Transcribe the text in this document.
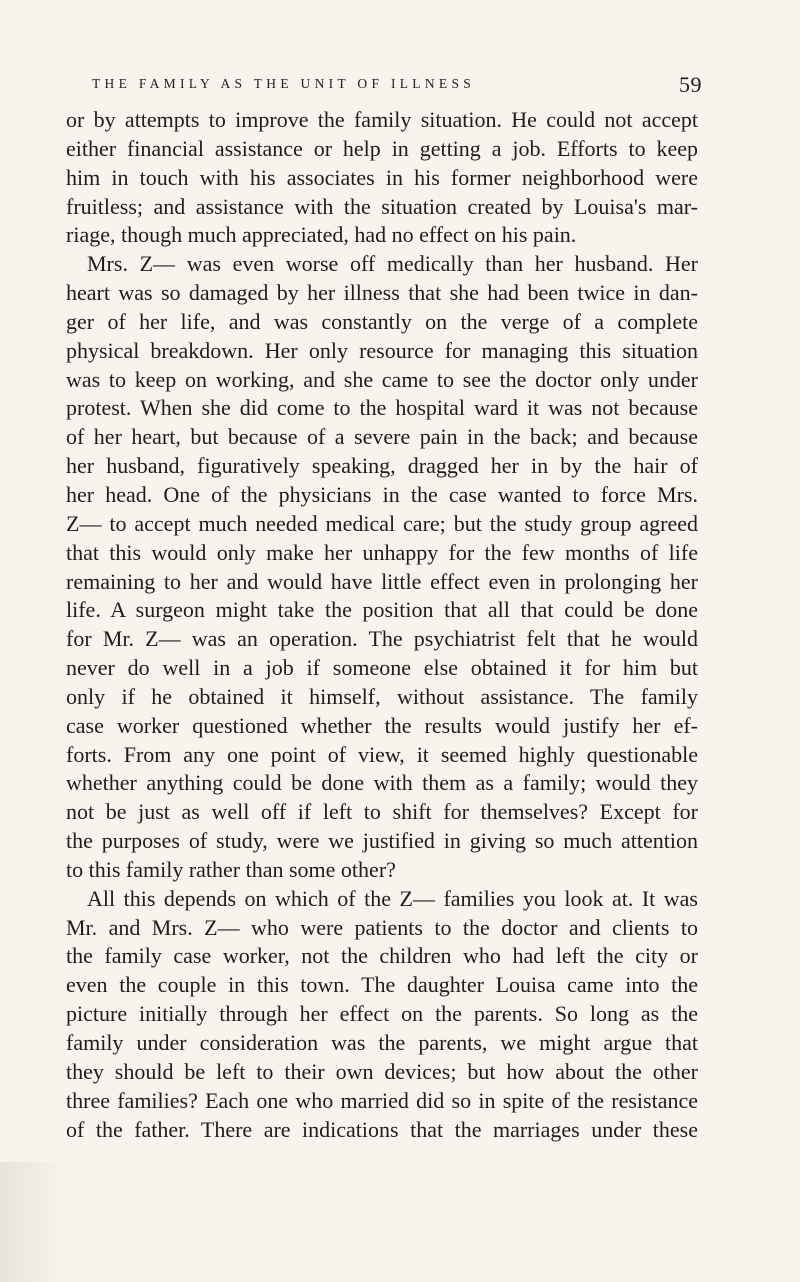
THE FAMILY AS THE UNIT OF ILLNESS	59
or by attempts to improve the family situation. He could not accept
either financial assistance or help in getting a job. Efforts to keep
him in touch with his associates in his former neighborhood were
fruitless; and assistance with the situation created by Louisa's mar-
riage, though much appreciated, had no effect on his pain.
Mrs. Z— was even worse off medically than her husband. Her
heart was so damaged by her illness that she had been twice in dan-
ger of her life, and was constantly on the verge of a complete
physical breakdown. Her only resource for managing this situation
was to keep on working, and she came to see the doctor only under
protest. When she did come to the hospital ward it was not because
of her heart, but because of a severe pain in the back; and because
her husband, figuratively speaking, dragged her in by the hair of
her head. One of the physicians in the case wanted to force Mrs.
Z— to accept much needed medical care; but the study group agreed
that this would only make her unhappy for the few months of life
remaining to her and would have little effect even in prolonging her
life. A surgeon might take the position that all that could be done
for Mr. Z— was an operation. The psychiatrist felt that he would
never do well in a job if someone else obtained it for him but
only if he obtained it himself, without assistance. The family
case worker questioned whether the results would justify her ef-
forts. From any one point of view, it seemed highly questionable
whether anything could be done with them as a family; would they
not be just as well off if left to shift for themselves? Except for
the purposes of study, were we justified in giving so much attention
to this family rather than some other?
All this depends on which of the Z— families you look at. It was
Mr. and Mrs. Z— who were patients to the doctor and clients to
the family case worker, not the children who had left the city or
even the couple in this town. The daughter Louisa came into the
picture initially through her effect on the parents. So long as the
family under consideration was the parents, we might argue that
they should be left to their own devices; but how about the other
three families? Each one who married did so in spite of the resistance
of the father. There are indications that the marriages under these
